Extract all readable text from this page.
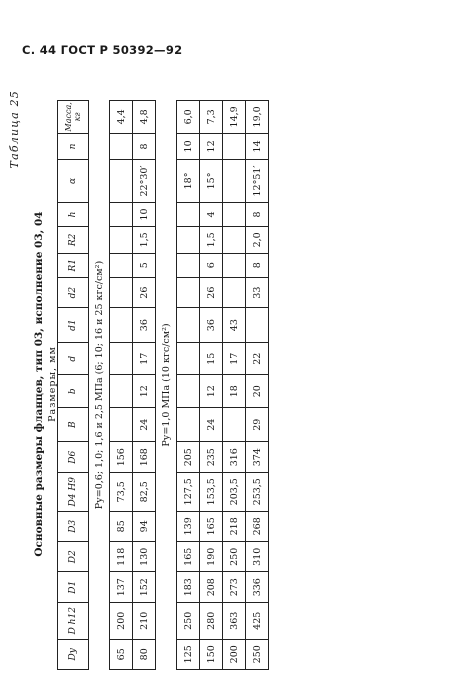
С. 44 ГОСТ Р 50392—92
Таблица 25
Основные размеры фланцев, тип 03, исполнение 03, 04 Размеры, мм
Dу	D h12	D1	D2	D3	D4 H9	D6	B	b	d	d1	d2	R1	R2	h	α	n	Масса, кг
Pу=0,6; 1,0; 1,6 и 2,5 МПа (6; 10; 16 и 25 кгс/см²)																	
65	200	137	118	85	73,5	156											4,4
80	210	152	130	94	82,5	168	24	12	17	36	26	5	1,5	10	22°30′	8	4,8
Pу=1,0 МПа (10 кгс/см²)																	
125	250	183	165	139	127,5	205									18°	10	6,0
150	280	208	190	165	153,5	235	24	12	15	36	26	6	1,5	4	15°	12	7,3
200	363	273	250	218	203,5	316		18	17	43							14,9
250	425	336	310	268	253,5	374	29	20	22		33	8	2,0	8	12°51′	14	19,0
